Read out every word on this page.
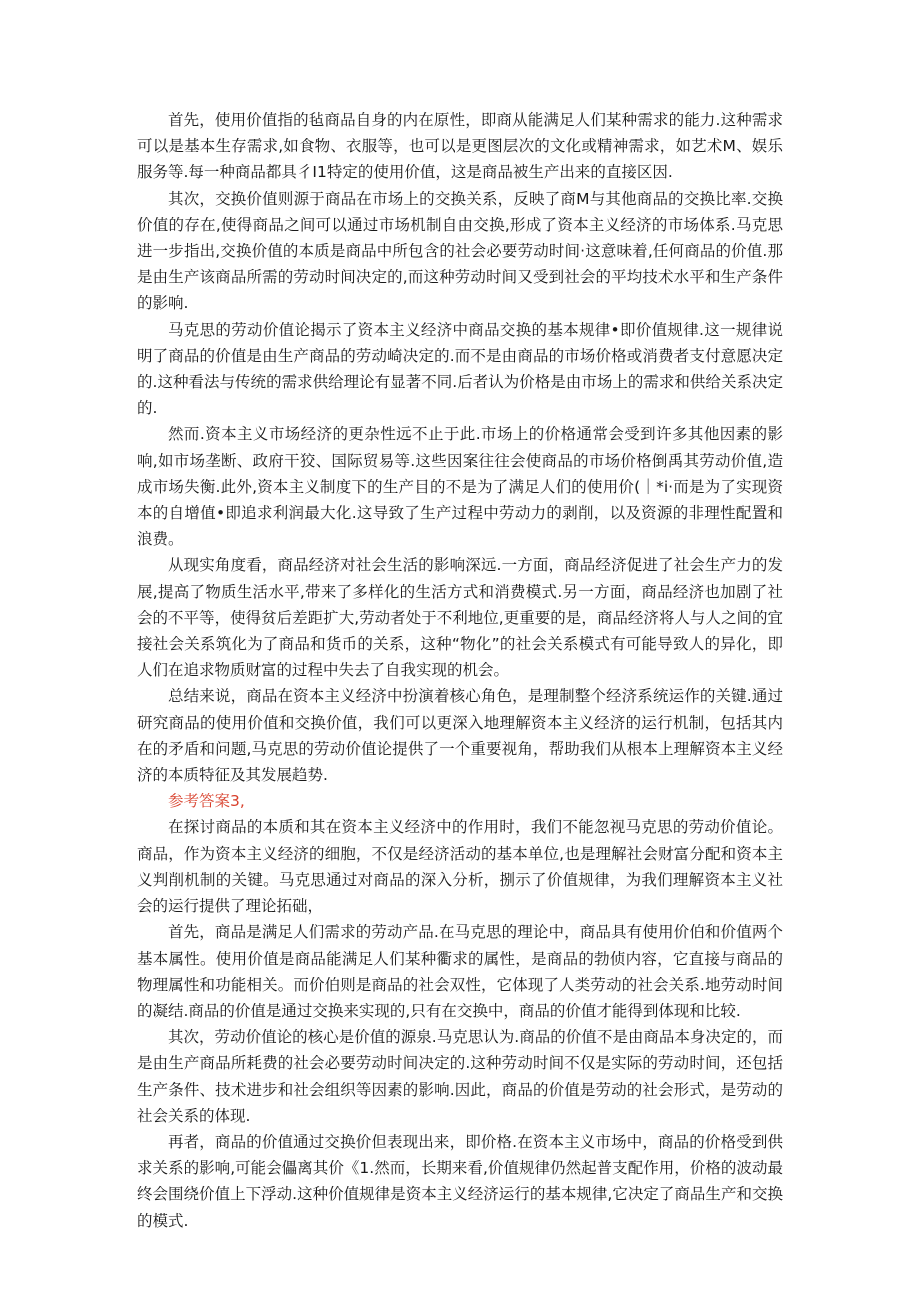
首先，使用价值指的毡商品自身的内在原性，即商从能满足人们某种需求的能力.这种需求可以是基本生存需求,如食物、衣服等，也可以是更图层次的文化或精神需求，如艺术M、娱乐服务等.每一种商品都具彳I1特定的使用价值，这是商品被生产出来的直接区因.

其次，交换价值则源于商品在市场上的交换关系，反映了商M与其他商品的交换比率.交换价值的存在,使得商品之间可以通过市场机制自由交换,形成了资本主义经济的市场体系.马克思进一步指出,交换价值的本质是商品中所包含的社会必要劳动时间·这意味着,任何商品的价值.那是由生产该商品所需的劳动时间决定的,而这种劳动时间又受到社会的平均技术水平和生产条件的影响.

马克思的劳动价值论揭示了资本主义经济中商品交换的基本规律•即价值规律.这一规律说明了商品的价值是由生产商品的劳动崎决定的.而不是由商品的市场价格或消费者支付意愿决定的.这种看法与传统的需求供给理论有显著不同.后者认为价格是由市场上的需求和供给关系决定的.

然而.资本主义市场经济的更杂性远不止于此.市场上的价格通常会受到许多其他因素的影响,如市场垄断、政府干狡、国际贸易等.这些因案往往会使商品的市场价格倒禹其劳动价值,造成市场失衡.此外,资本主义制度下的生产目的不是为了满足人们的使用价(｜*i·而是为了实现资本的自增值•即追求利润最大化.这导致了生产过程中劳动力的剥削，以及资源的非理性配置和浪费。

从现实角度看，商品经济对社会生活的影响深远.一方面，商品经济促进了社会生产力的发展,提高了物质生活水平,带来了多样化的生活方式和消费模式.另一方面，商品经济也加剧了社会的不平等，使得贫后差距扩大,劳动者处于不利地位,更重要的是，商品经济将人与人之间的宜接社会关系筑化为了商品和货币的关系，这种“物化”的社会关系模式有可能导致人的异化，即人们在追求物质财富的过程中失去了自我实现的机会。

总结来说，商品在资本主义经济中扮演着核心角色，是理制整个经济系统运作的关键.通过研究商品的使用价值和交换价值，我们可以更深入地理解资本主义经济的运行机制，包括其内在的矛盾和问题,马克思的劳动价值论提供了一个重要视角，帮助我们从根本上理解资本主义经济的本质特征及其发展趋势.

参考答案3,

在探讨商品的本质和其在资本主义经济中的作用时，我们不能忽视马克思的劳动价值论。商品，作为资本主义经济的细胞，不仅是经济活动的基本单位,也是理解社会财富分配和资本主义判削机制的关键。马克思通过对商品的深入分析，捌示了价值规律，为我们理解资本主义社会的运行提供了理论拓础，

首先，商品是满足人们需求的劳动产品.在马克思的理论中，商品具有使用价伯和价值两个基本属性。使用价值是商品能满足人们某种衢求的属性，是商品的勃侦内容，它直接与商品的物理属性和功能相关。而价伯则是商品的社会双性，它体现了人类劳动的社会关系.地劳动时间的凝结.商品的价值是通过交换来实现的,只有在交换中，商品的价值才能得到体现和比较.

其次，劳动价值论的核心是价值的源泉.马克思认为.商品的价值不是由商品本身决定的，而是由生产商品所耗费的社会必要劳动时间决定的.这种劳动时间不仅是实际的劳动时间，还包括生产条件、技术进步和社会组织等因素的影响.因此，商品的价值是劳动的社会形式，是劳动的社会关系的体现.

再者，商品的价值通过交换价但表现出来，即价格.在资本主义市场中，商品的价格受到供求关系的影响,可能会儡离其价《1.然而，长期来看,价值规律仍然起普支配作用，价格的波动最终会围绕价值上下浮动.这种价值规律是资本主义经济运行的基本规律,它决定了商品生产和交换的模式.
